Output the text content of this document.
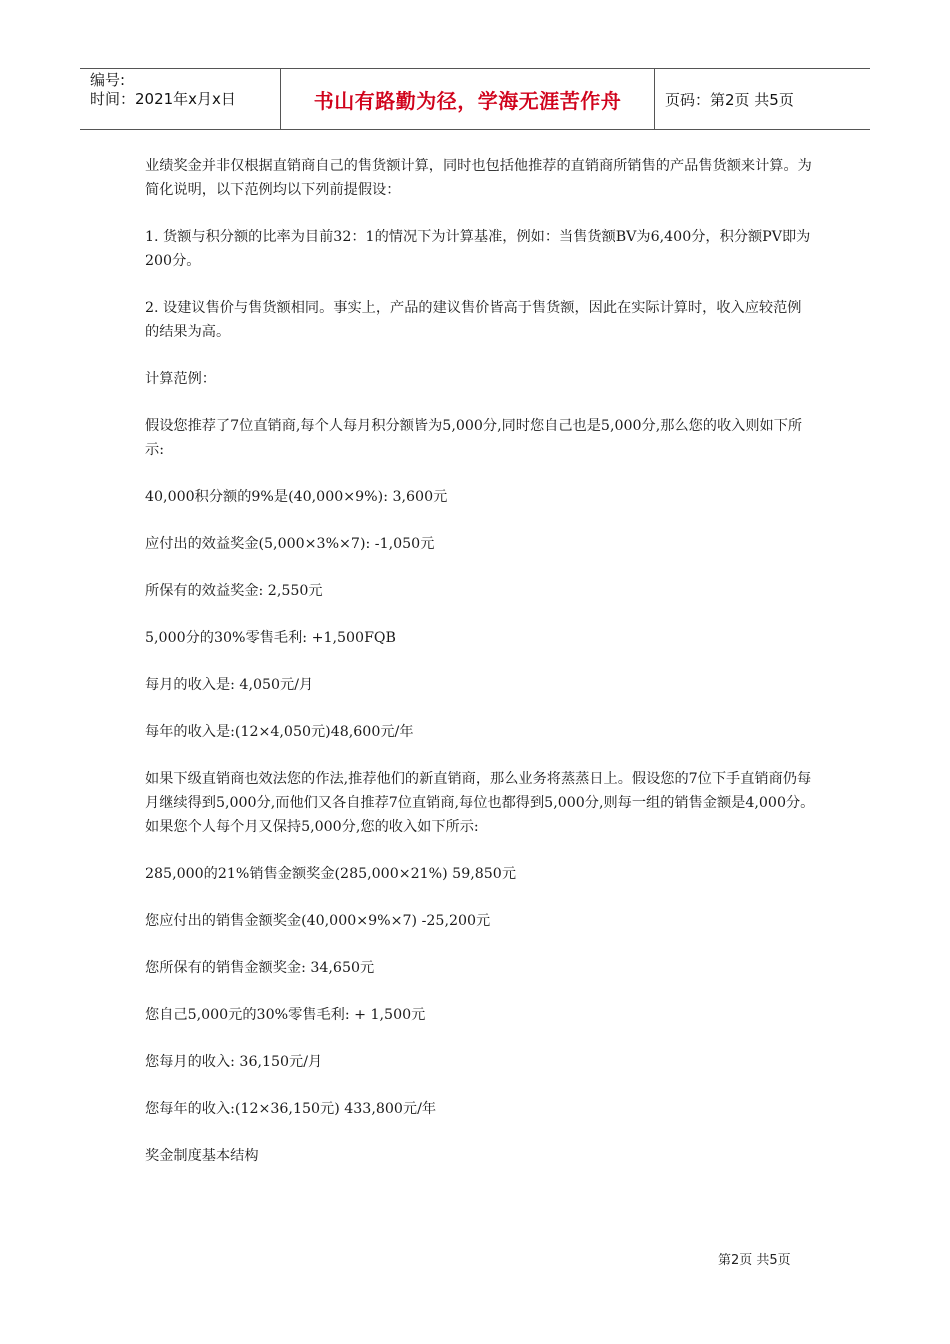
编号:
时间：2021年x月x日	书山有路勤为径，学海无涯苦作舟	页码：第2页 共5页

业绩奖金并非仅根据直销商自己的售货额计算，同时也包括他推荐的直销商所销售的产品售货额来计算。为简化说明，以下范例均以下列前提假设：

1. 货额与积分额的比率为目前32：1的情况下为计算基准，例如：当售货额BV为6,400分，积分额PV即为200分。

2. 设建议售价与售货额相同。事实上，产品的建议售价皆高于售货额，因此在实际计算时，收入应较范例的结果为高。

计算范例：

假设您推荐了7位直销商,每个人每月积分额皆为5,000分,同时您自己也是5,000分,那么您的收入则如下所示:

40,000积分额的9%是(40,000×9%): 3,600元

应付出的效益奖金(5,000×3%×7): -1,050元

所保有的效益奖金: 2,550元

5,000分的30%零售毛利: +1,500FQB

每月的收入是: 4,050元/月

每年的收入是:(12×4,050元)48,600元/年

如果下级直销商也效法您的作法,推荐他们的新直销商，那么业务将蒸蒸日上。假设您的7位下手直销商仍每月继续得到5,000分,而他们又各自推荐7位直销商,每位也都得到5,000分,则每一组的销售金额是4,000分。如果您个人每个月又保持5,000分,您的收入如下所示:

285,000的21%销售金额奖金(285,000×21%) 59,850元

您应付出的销售金额奖金(40,000×9%×7) -25,200元

您所保有的销售金额奖金: 34,650元

您自己5,000元的30%零售毛利: + 1,500元

您每月的收入: 36,150元/月

您每年的收入:(12×36,150元) 433,800元/年

奖金制度基本结构

第2页 共5页
